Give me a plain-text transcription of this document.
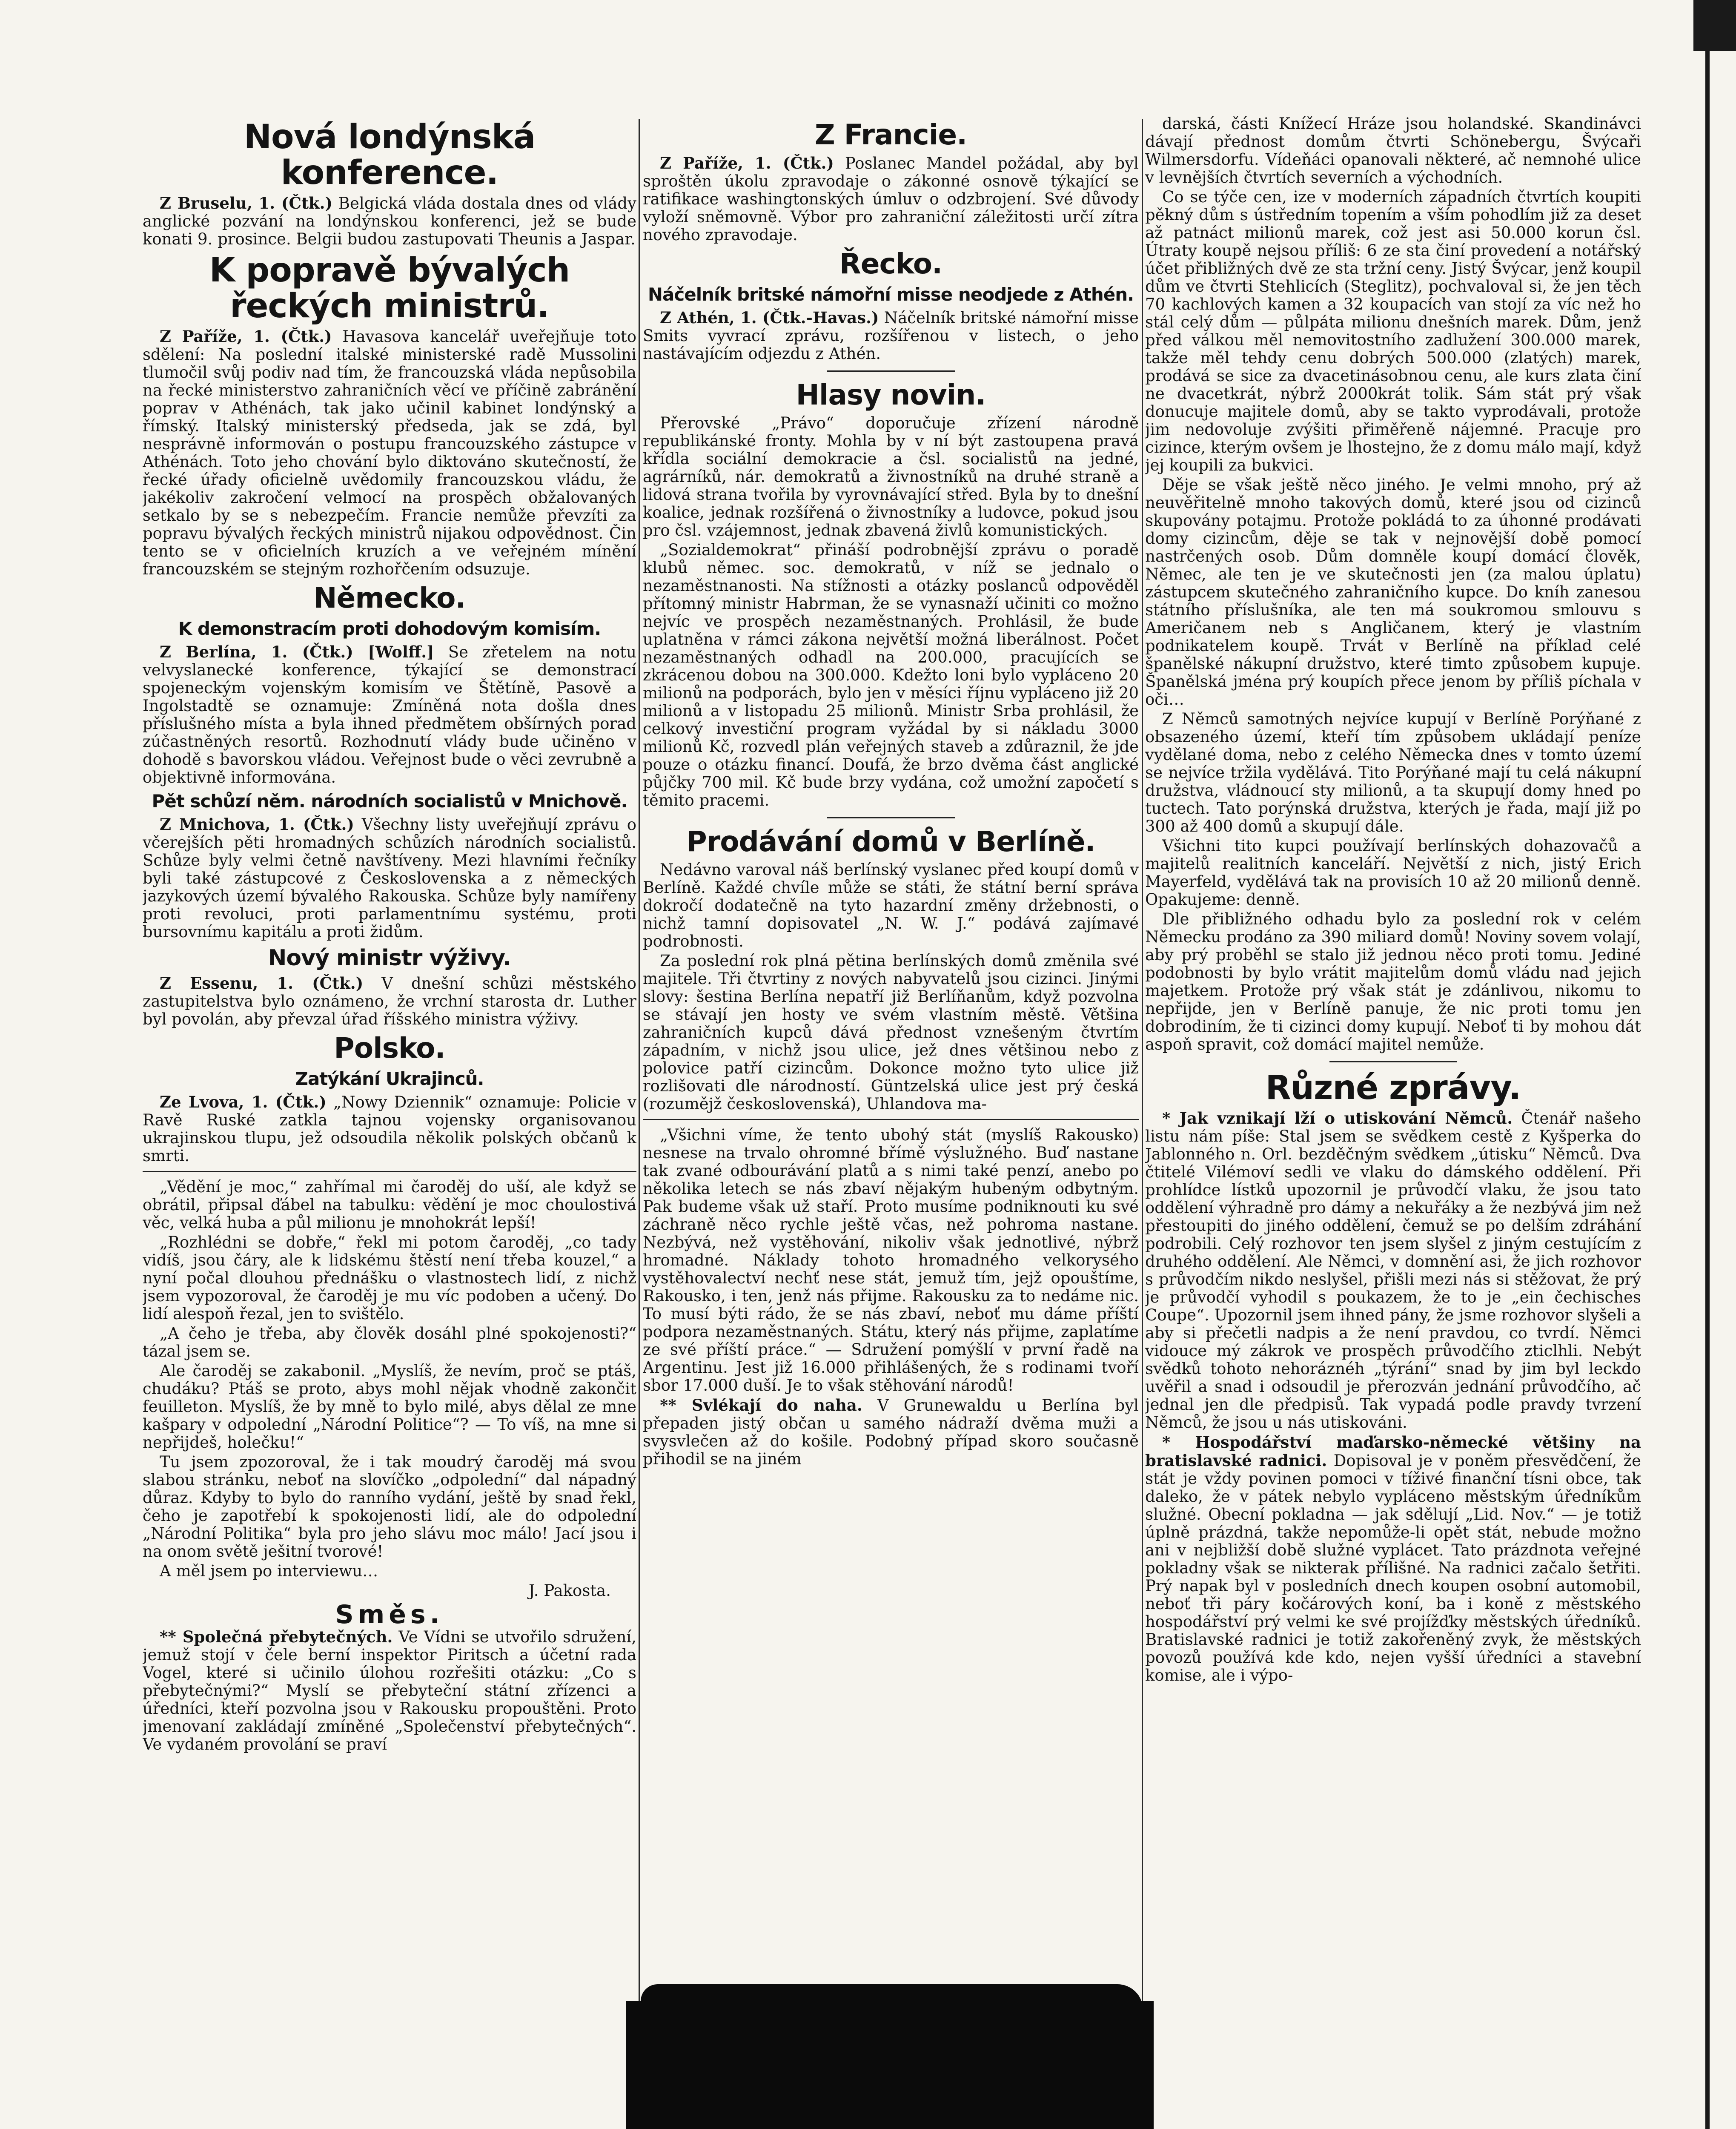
Nová londýnská konference.

Z Bruselu, 1. (Čtk.) Belgická vláda dostala dnes od vlády anglické pozvání na londýnskou konferenci, jež se bude konati 9. prosince. Belgii budou zastupovati Theunis a Jaspar.

K popravě bývalých řeckých ministrů.

Z Paříže, 1. (Čtk.) Havasova kancelář uveřejňuje toto sdělení: Na poslední italské ministerské radě Mussolini tlumočil svůj podiv nad tím, že francouzská vláda nepůsobila na řecké ministerstvo zahraničních věcí ve příčině zabránění poprav v Athénách, tak jako učinil kabinet londýnský a římský. Italský ministerský předseda, jak se zdá, byl nesprávně informován o postupu francouzského zástupce v Athénách. Toto jeho chování bylo diktováno skutečností, že řecké úřady oficielně uvědomily francouzskou vládu, že jakékoliv zakročení velmocí na prospěch obžalovaných setkalo by se s nebezpečím. Francie nemůže převzíti za popravu bývalých řeckých ministrů nijakou odpovědnost. Čin tento se v oficielních kruzích a ve veřejném mínění francouzském se stejným rozhořčením odsuzuje.

Německo.
K demonstracím proti dohodovým komisím.

Z Berlína, 1. (Čtk.) [Wolff.] Se zřetelem na notu velvyslanecké konference, týkající se demonstrací spojeneckým vojenským komisím ve Štětíně, Pasově a Ingolstadtě se oznamuje: Zmíněná nota došla dnes příslušného místa a byla ihned předmětem obšírných porad zúčastněných resortů. Rozhodnutí vlády bude učiněno v dohodě s bavorskou vládou. Veřejnost bude o věci zevrubně a objektivně informována.

Pět schůzí něm. národních socialistů v Mnichově.

Z Mnichova, 1. (Čtk.) Všechny listy uveřejňují zprávu o včerejších pěti hromadných schůzích národních socialistů. Schůze byly velmi četně navštíveny. Mezi hlavními řečníky byli také zástupcové z Československa a z německých jazykových území bývalého Rakouska. Schůze byly namířeny proti revoluci, proti parlamentnímu systému, proti bursovnímu kapitálu a proti židům.

Nový ministr výživy.

Z Essenu, 1. (Čtk.) V dnešní schůzi městského zastupitelstva bylo oznámeno, že vrchní starosta dr. Luther byl povolán, aby převzal úřad říšského ministra výživy.

Polsko.
Zatýkání Ukrajinců.

Ze Lvova, 1. (Čtk.) „Nowy Dziennik“ oznamuje: Policie v Ravě Ruské zatkla tajnou vojensky organisovanou ukrajinskou tlupu, jež odsoudila několik polských občanů k smrti.

„Vědění je moc,“ zahřímal mi čaroděj do uší, ale když se obrátil, připsal ďábel na tabulku: vědění je moc choulostivá věc, velká huba a půl milionu je mnohokrát lepší!

„Rozhlédni se dobře,“ řekl mi potom čaroděj, „co tady vidíš, jsou čáry, ale k lidskému štěstí není třeba kouzel,“ a nyní počal dlouhou přednášku o vlastnostech lidí, z nichž jsem vypozoroval, že čaroděj je mu víc podoben a učený. Do lidí alespoň řezal, jen to svištělo.

„A čeho je třeba, aby člověk dosáhl plné spokojenosti?“ tázal jsem se.

Ale čaroděj se zakabonil. „Myslíš, že nevím, proč se ptáš, chudáku? Ptáš se proto, abys mohl nějak vhodně zakončit feuilleton. Myslíš, že by mně to bylo milé, abys dělal ze mne kašpary v odpolední „Národní Politice“? — To víš, na mne si nepřijdeš, holečku!“

Tu jsem zpozoroval, že i tak moudrý čaroděj má svou slabou stránku, neboť na slovíčko „odpolední“ dal nápadný důraz. Kdyby to bylo do ranního vydání, ještě by snad řekl, čeho je zapotřebí k spokojenosti lidí, ale do odpolední „Národní Politika“ byla pro jeho slávu moc málo! Jací jsou i na onom světě ješitní tvorové!

A měl jsem po interviewu…

J. Pakosta.
Směs.

** Společná přebytečných. Ve Vídni se utvořilo sdružení, jemuž stojí v čele berní inspektor Piritsch a účetní rada Vogel, které si učinilo úlohou rozřešiti otázku: „Co s přebytečnými?“ Myslí se přebyteční státní zřízenci a úředníci, kteří pozvolna jsou v Rakousku propouštěni. Proto jmenovaní zakládají zmíněné „Společenství přebytečných“. Ve vydaném provolání se praví

Z Francie.

Z Paříže, 1. (Čtk.) Poslanec Mandel požádal, aby byl sproštěn úkolu zpravodaje o zákonné osnově týkající se ratifikace washingtonských úmluv o odzbrojení. Své důvody vyloží sněmovně. Výbor pro zahraniční záležitosti určí zítra nového zpravodaje.

Řecko.
Náčelník britské námořní misse neodjede z Athén.

Z Athén, 1. (Čtk.-Havas.) Náčelník britské námořní misse Smits vyvrací zprávu, rozšířenou v listech, o jeho nastávajícím odjezdu z Athén.

Hlasy novin.

Přerovské „Právo“ doporučuje zřízení národně republikánské fronty. Mohla by v ní být zastoupena pravá křídla sociální demokracie a čsl. socialistů na jedné, agrárníků, nár. demokratů a živnostníků na druhé straně a lidová strana tvořila by vyrovnávající střed. Byla by to dnešní koalice, jednak rozšířená o živnostníky a ludovce, pokud jsou pro čsl. vzájemnost, jednak zbavená živlů komunistických.

„Sozialdemokrat“ přináší podrobnější zprávu o poradě klubů němec. soc. demokratů, v níž se jednalo o nezaměstnanosti. Na stížnosti a otázky poslanců odpověděl přítomný ministr Habrman, že se vynasnaží učiniti co možno nejvíc ve prospěch nezaměstnaných. Prohlásil, že bude uplatněna v rámci zákona největší možná liberálnost. Počet nezaměstnaných odhadl na 200.000, pracujících se zkrácenou dobou na 300.000. Kdežto loni bylo vypláceno 20 milionů na podporách, bylo jen v měsíci říjnu vypláceno již 20 milionů a v listopadu 25 milionů. Ministr Srba prohlásil, že celkový investiční program vyžádal by si nákladu 3000 milionů Kč, rozvedl plán veřejných staveb a zdůraznil, že jde pouze o otázku financí. Doufá, že brzo dvěma část anglické půjčky 700 mil. Kč bude brzy vydána, což umožní započetí s těmito pracemi.

Prodávání domů v Berlíně.

Nedávno varoval náš berlínský vyslanec před koupí domů v Berlíně. Každé chvíle může se státi, že státní berní správa dokročí dodatečně na tyto hazardní změny držebnosti, o nichž tamní dopisovatel „N. W. J.“ podává zajímavé podrobnosti.

Za poslední rok plná pětina berlínských domů změnila své majitele. Tři čtvrtiny z nových nabyvatelů jsou cizinci. Jinými slovy: šestina Berlína nepatří již Berlíňanům, když pozvolna se stávají jen hosty ve svém vlastním městě. Většina zahraničních kupců dává přednost vznešeným čtvrtím západním, v nichž jsou ulice, jež dnes většinou nebo z polovice patří cizincům. Dokonce možno tyto ulice již rozlišovati dle národností. Güntzelská ulice jest prý česká (rozumějž československá), Uhlandova ma-

„Všichni víme, že tento ubohý stát (myslíš Rakousko) nesnese na trvalo ohromné břímě výslužného. Buď nastane tak zvané odbourávání platů a s nimi také penzí, anebo po několika letech se nás zbaví nějakým hubeným odbytným. Pak budeme však už staří. Proto musíme podniknouti ku své záchraně něco rychle ještě včas, než pohroma nastane. Nezbývá, než vystěhování, nikoliv však jednotlivé, nýbrž hromadné. Náklady tohoto hromadného velkorysého vystěhovalectví nechť nese stát, jemuž tím, jejž opouštíme, Rakousko, i ten, jenž nás přijme. Rakousku za to nedáme nic. To musí býti rádo, že se nás zbaví, neboť mu dáme příští podpora nezaměstnaných. Státu, který nás přijme, zaplatíme ze své příští práce.“ — Sdružení pomýšlí v první řadě na Argentinu. Jest již 16.000 přihlášených, že s rodinami tvoří sbor 17.000 duší. Je to však stěhování národů!

** Svlékají do naha. V Grunewaldu u Berlína byl přepaden jistý občan u samého nádraží dvěma muži a svysvlečen až do košile. Podobný případ skoro současně přihodil se na jiném

darská, části Knížecí Hráze jsou holandské. Skandinávci dávají přednost domům čtvrti Schönebergu, Švýcaři Wilmersdorfu. Vídeňáci opanovali některé, ač nemnohé ulice v levnějších čtvrtích severních a východních.

Co se týče cen, ize v moderních západních čtvrtích koupiti pěkný dům s ústředním topením a vším pohodlím již za deset až patnáct milionů marek, což jest asi 50.000 korun čsl. Útraty koupě nejsou příliš: 6 ze sta činí provedení a notářský účet přibližných dvě ze sta tržní ceny. Jistý Švýcar, jenž koupil dům ve čtvrti Stehlicích (Steglitz), pochvaloval si, že jen těch 70 kachlových kamen a 32 koupacích van stojí za víc než ho stál celý dům — půlpáta milionu dnešních marek. Dům, jenž před válkou měl nemovitostního zadlužení 300.000 marek, takže měl tehdy cenu dobrých 500.000 (zlatých) marek, prodává se sice za dvacetinásobnou cenu, ale kurs zlata činí ne dvacetkrát, nýbrž 2000krát tolik. Sám stát prý však donucuje majitele domů, aby se takto vyprodávali, protože jim nedovoluje zvýšiti přiměřeně nájemné. Pracuje pro cizince, kterým ovšem je lhostejno, že z domu málo mají, když jej koupili za bukvici.

Děje se však ještě něco jiného. Je velmi mnoho, prý až neuvěřitelně mnoho takových domů, které jsou od cizinců skupovány potajmu. Protože pokládá to za úhonné prodávati domy cizincům, děje se tak v nejnovější době pomocí nastrčených osob. Dům domněle koupí domácí člověk, Němec, ale ten je ve skutečnosti jen (za malou úplatu) zástupcem skutečného zahraničního kupce. Do kníh zanesou státního příslušníka, ale ten má soukromou smlouvu s Američanem neb s Angličanem, který je vlastním podnikatelem koupě. Trvát v Berlíně na příklad celé španělské nákupní družstvo, které timto způsobem kupuje. Španělská jména prý koupích přece jenom by příliš píchala v oči…

Z Němců samotných nejvíce kupují v Berlíně Porýňané z obsazeného území, kteří tím způsobem ukládají peníze vydělané doma, nebo z celého Německa dnes v tomto území se nejvíce tržila vydělává. Tito Porýňané mají tu celá nákupní družstva, vládnoucí sty milionů, a ta skupují domy hned po tuctech. Tato porýnská družstva, kterých je řada, mají již po 300 až 400 domů a skupují dále.

Všichni tito kupci používají berlínských dohazovačů a majitelů realitních kanceláří. Největší z nich, jistý Erich Mayerfeld, vydělává tak na provisích 10 až 20 milionů denně. Opakujeme: denně.

Dle přibližného odhadu bylo za poslední rok v celém Německu prodáno za 390 miliard domů! Noviny sovem volají, aby prý proběhl se stalo již jednou něco proti tomu. Jediné podobnosti by bylo vrátit majitelům domů vládu nad jejich majetkem. Protože prý však stát je zdánlivou, nikomu to nepřijde, jen v Berlíně panuje, že nic proti tomu jen dobrodiním, že ti cizinci domy kupují. Neboť ti by mohou dát aspoň spravit, což domácí majitel nemůže.

Různé zprávy.

* Jak vznikají lží o utiskování Němců. Čtenář našeho listu nám píše: Stal jsem se svědkem cestě z Kyšperka do Jablonného n. Orl. bezděčným svědkem „útisku“ Němců. Dva čtitelé Vilémoví sedli ve vlaku do dámského oddělení. Při prohlídce lístků upozornil je průvodčí vlaku, že jsou tato oddělení výhradně pro dámy a nekuřáky a že nezbývá jim než přestoupiti do jiného oddělení, čemuž se po delším zdráhání podrobili. Celý rozhovor ten jsem slyšel z jiným cestujícím z druhého oddělení. Ale Němci, v domnění asi, že jich rozhovor s průvodčím nikdo neslyšel, přišli mezi nás si stěžovat, že prý je průvodčí vyhodil s poukazem, že to je „ein čechisches Coupe“. Upozornil jsem ihned pány, že jsme rozhovor slyšeli a aby si přečetli nadpis a že není pravdou, co tvrdí. Němci vidouce mý zákrok ve prospěch průvodčího zticlhli. Nebýt svědků tohoto nehoráznéh „týrání“ snad by jim byl leckdo uvěřil a snad i odsoudil je přerozván jednání průvodčího, ač jednal jen dle předpisů. Tak vypadá podle pravdy tvrzení Němců, že jsou u nás utiskováni.

* Hospodářství maďarsko-německé většiny na bratislavské radnici. Dopisoval je v poněm přesvědčení, že stát je vždy povinen pomoci v tíživé finanční tísni obce, tak daleko, že v pátek nebylo vypláceno městským úředníkům služné. Obecní pokladna — jak sdělují „Lid. Nov.“ — je totiž úplně prázdná, takže nepomůže-li opět stát, nebude možno ani v nejbližší době služné vyplácet. Tato prázdnota veřejné pokladny však se nikterak přílišné. Na radnici začalo šetřiti. Prý napak byl v posledních dnech koupen osobní automobil, neboť tři páry kočárových koní, ba i koně z městského hospodářství prý velmi ke své projížďky městských úředníků. Bratislavské radnici je totiž zakořeněný zvyk, že městských povozů používá kde kdo, nejen vyšší úředníci a stavební komise, ale i výpo-
